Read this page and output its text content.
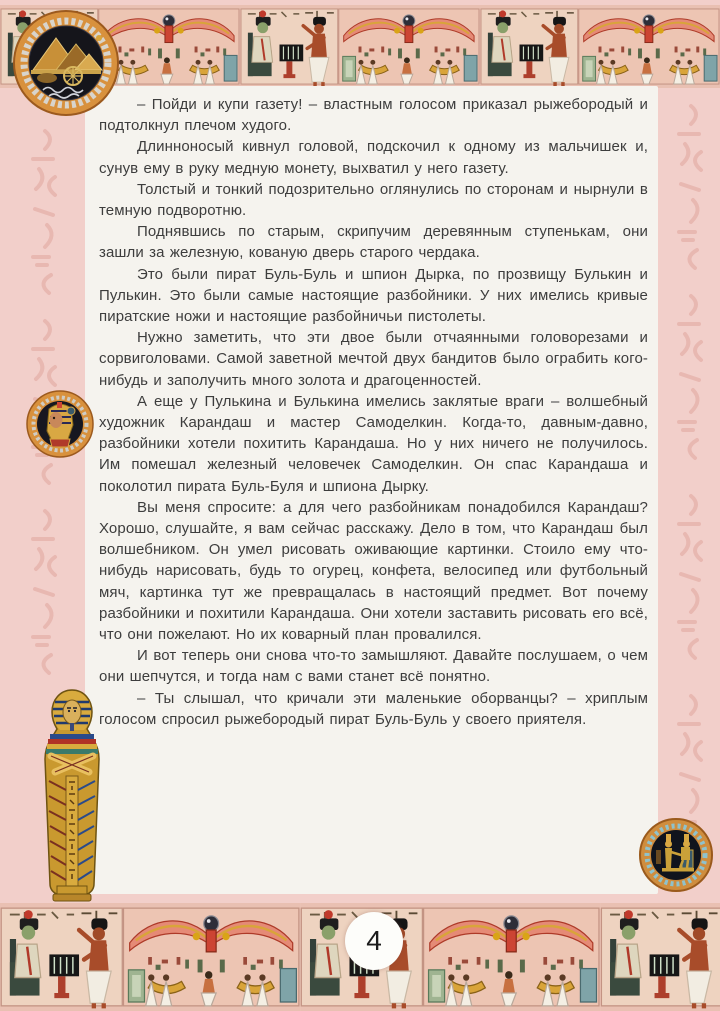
– Пойди и купи газету! – властным голосом приказал рыжебородый и подтолкнул плечом худого.

Длинноносый кивнул головой, подскочил к одному из мальчишек и, сунув ему в руку медную монету, выхватил у него газету.

Толстый и тонкий подозрительно оглянулись по сторонам и нырнули в темную подворотню.

Поднявшись по старым, скрипучим деревянным ступенькам, они зашли за железную, кованую дверь старого чердака.

Это были пират Буль-Буль и шпион Дырка, по прозвищу Булькин и Пулькин. Это были самые настоящие разбойники. У них имелись кривые пиратские ножи и настоящие разбойничьи пистолеты.

Нужно заметить, что эти двое были отчаянными головорезами и сорвиголовами. Самой заветной мечтой двух бандитов было ограбить кого-нибудь и заполучить много золота и драгоценностей.

А еще у Пулькина и Булькина имелись заклятые враги – волшебный художник Карандаш и мастер Самоделкин. Когда-то, давным-давно, разбойники хотели похитить Карандаша. Но у них ничего не получилось. Им помешал железный человечек Самоделкин. Он спас Карандаша и поколотил пирата Буль-Буля и шпиона Дырку.

Вы меня спросите: а для чего разбойникам понадобился Карандаш? Хорошо, слушайте, я вам сейчас расскажу. Дело в том, что Карандаш был волшебником. Он умел рисовать оживающие картинки. Стоило ему что-нибудь нарисовать, будь то огурец, конфета, велосипед или футбольный мяч, картинка тут же превращалась в настоящий предмет. Вот почему разбойники и похитили Карандаша. Они хотели заставить рисовать его всё, что они пожелают. Но их коварный план провалился.

И вот теперь они снова что-то замышляют. Давайте послушаем, о чем они шепчутся, и тогда нам с вами станет всё понятно.

– Ты слышал, что кричали эти маленькие оборванцы? – хриплым голосом спросил рыжебородый пират Буль-Буль у своего приятеля.

4
